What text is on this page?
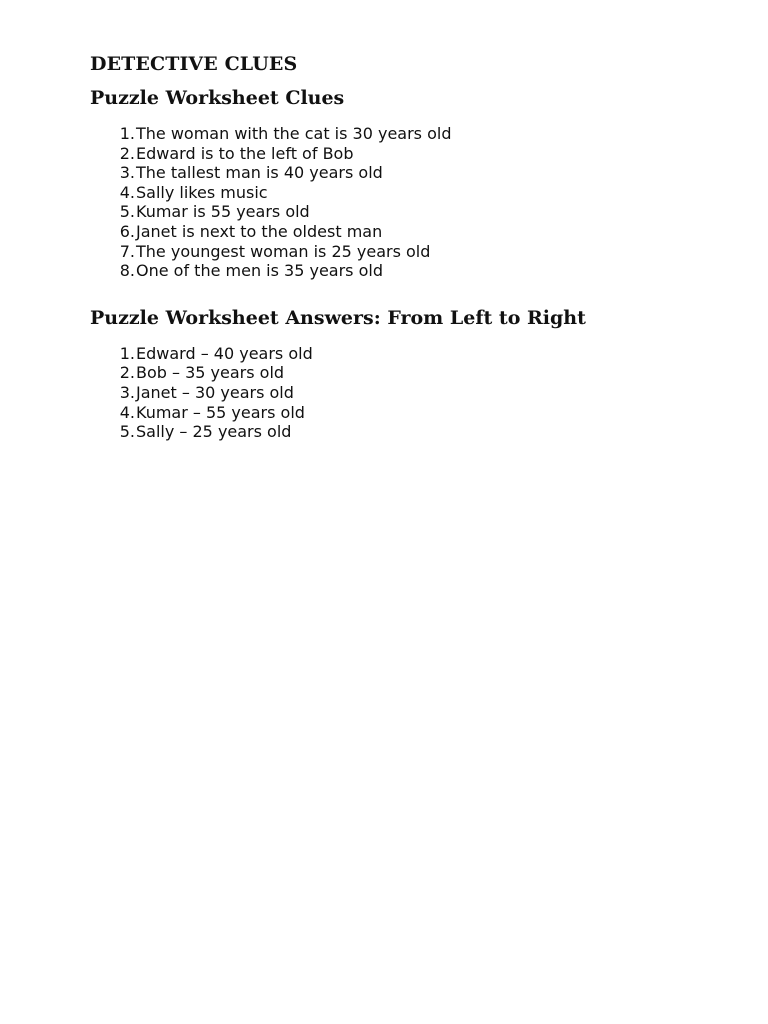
DETECTIVE CLUES
Puzzle Worksheet Clues
1. The woman with the cat is 30 years old
2. Edward is to the left of Bob
3. The tallest man is 40 years old
4. Sally likes music
5. Kumar is 55 years old
6. Janet is next to the oldest man
7. The youngest woman is 25 years old
8. One of the men is 35 years old
Puzzle Worksheet Answers: From Left to Right
1. Edward – 40 years old
2. Bob – 35 years old
3. Janet – 30 years old
4. Kumar – 55 years old
5. Sally – 25 years old
